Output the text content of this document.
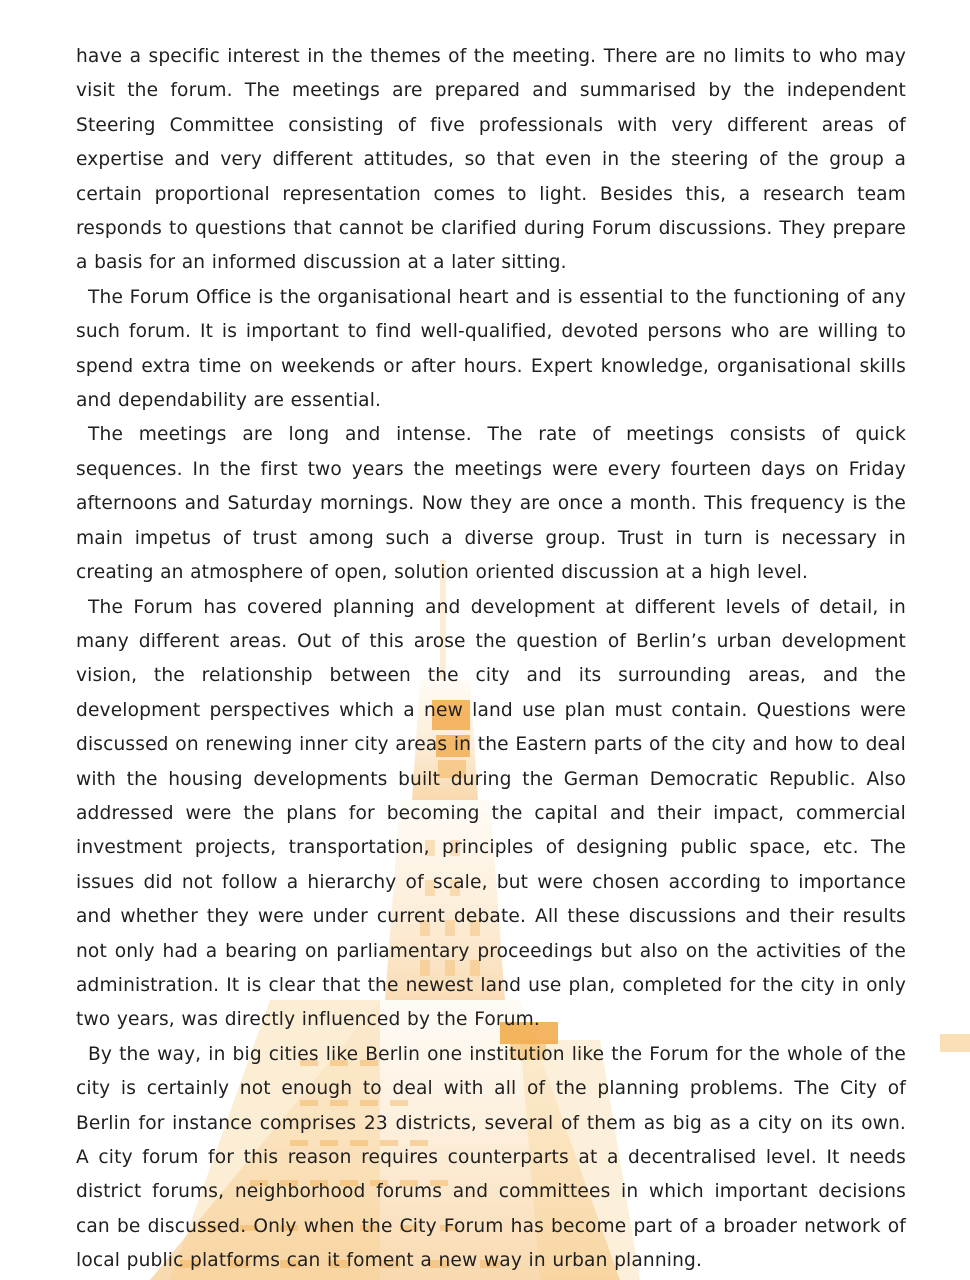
have a specific interest in the themes of the meeting. There are no limits to who may visit the forum. The meetings are prepared and summarised by the independent Steering Committee consisting of five professionals with very different areas of expertise and very different attitudes, so that even in the steering of the group a certain proportional representation comes to light. Besides this, a research team responds to questions that cannot be clarified during Forum discussions. They prepare a basis for an informed discussion at a later sitting.

The Forum Office is the organisational heart and is essential to the functioning of any such forum. It is important to find well-qualified, devoted persons who are willing to spend extra time on weekends or after hours. Expert knowledge, organisational skills and dependability are essential.

The meetings are long and intense. The rate of meetings consists of quick sequences. In the first two years the meetings were every fourteen days on Friday afternoons and Saturday mornings. Now they are once a month. This frequency is the main impetus of trust among such a diverse group. Trust in turn is necessary in creating an atmosphere of open, solution oriented discussion at a high level.

The Forum has covered planning and development at different levels of detail, in many different areas. Out of this arose the question of Berlin’s urban development vision, the relationship between the city and its surrounding areas, and the development perspectives which a new land use plan must contain. Questions were discussed on renewing inner city areas in the Eastern parts of the city and how to deal with the housing developments built during the German Democratic Republic. Also addressed were the plans for becoming the capital and their impact, commercial investment projects, transportation, principles of designing public space, etc. The issues did not follow a hierarchy of scale, but were chosen according to importance and whether they were under current debate. All these discussions and their results not only had a bearing on parliamentary proceedings but also on the activities of the administration. It is clear that the newest land use plan, completed for the city in only two years, was directly influenced by the Forum.

By the way, in big cities like Berlin one institution like the Forum for the whole of the city is certainly not enough to deal with all of the planning problems. The City of Berlin for instance comprises 23 districts, several of them as big as a city on its own. A city forum for this reason requires counterparts at a decentralised level. It needs district forums, neighborhood forums and committees in which important decisions can be discussed. Only when the City Forum has become part of a broader network of local public platforms can it foment a new way in urban planning.
